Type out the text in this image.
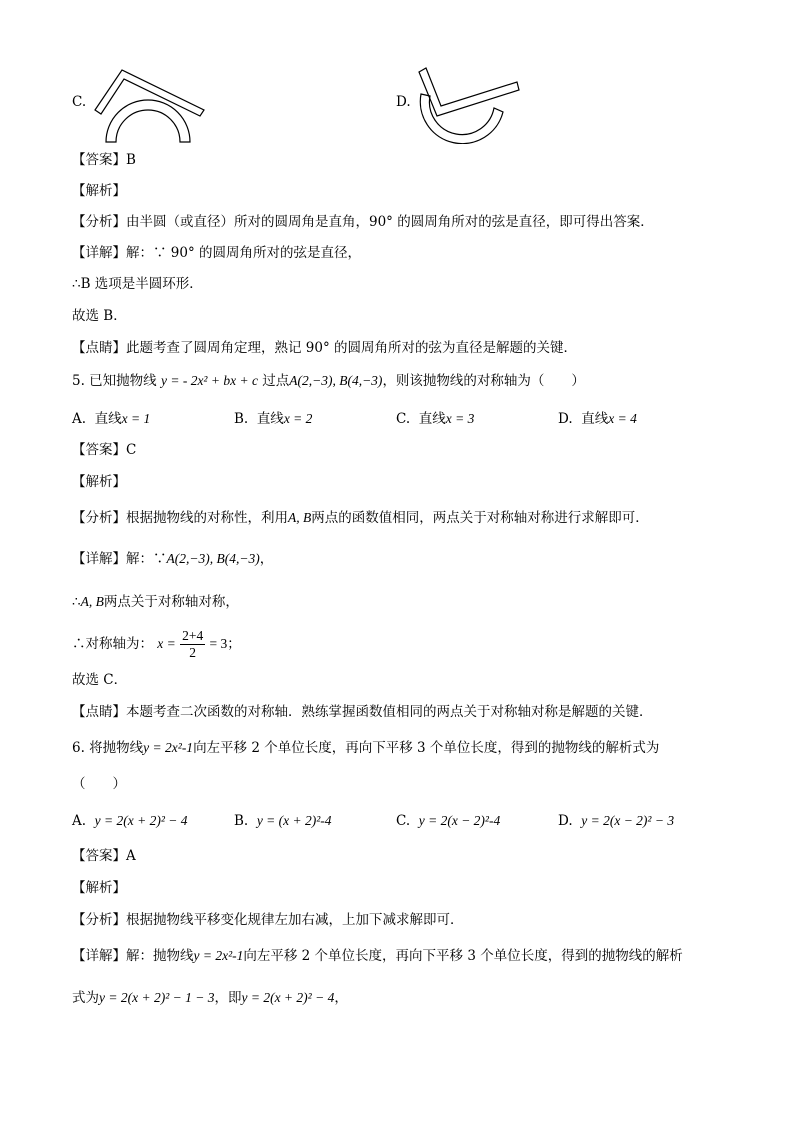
C.	D.
【答案】B
【解析】
【分析】由半圆（或直径）所对的圆周角是直角，90° 的圆周角所对的弦是直径，即可得出答案．
【详解】解：∵ 90° 的圆周角所对的弦是直径，
∴B 选项是半圆环形．
故选 B．
【点睛】此题考查了圆周角定理，熟记 90° 的圆周角所对的弦为直径是解题的关键．
5. 已知抛物线 y = - 2x² + bx + c 过点A(2,−3), B(4,−3)，则该抛物线的对称轴为（　　）
A. 直线x = 1	B. 直线x = 2	C. 直线x = 3	D. 直线x = 4
【答案】C
【解析】
【分析】根据抛物线的对称性，利用A, B两点的函数值相同，两点关于对称轴对称进行求解即可．
【详解】解：∵A(2,−3), B(4,−3)，
∴A, B两点关于对称轴对称，
∴对称轴为： $x = \frac{2+4}{2} = 3$；
故选 C．
【点睛】本题考查二次函数的对称轴．熟练掌握函数值相同的两点关于对称轴对称是解题的关键．
6. 将抛物线y = 2x²-1向左平移 2 个单位长度，再向下平移 3 个单位长度，得到的抛物线的解析式为
（　　）
A. y = 2(x + 2)² − 4	B. y = (x + 2)²-4	C. y = 2(x − 2)²-4	D. y = 2(x − 2)² − 3
【答案】A
【解析】
【分析】根据抛物线平移变化规律左加右减，上加下减求解即可．
【详解】解：抛物线y = 2x²-1向左平移 2 个单位长度，再向下平移 3 个单位长度，得到的抛物线的解析
式为y = 2(x + 2)² − 1 − 3，即y = 2(x + 2)² − 4，
